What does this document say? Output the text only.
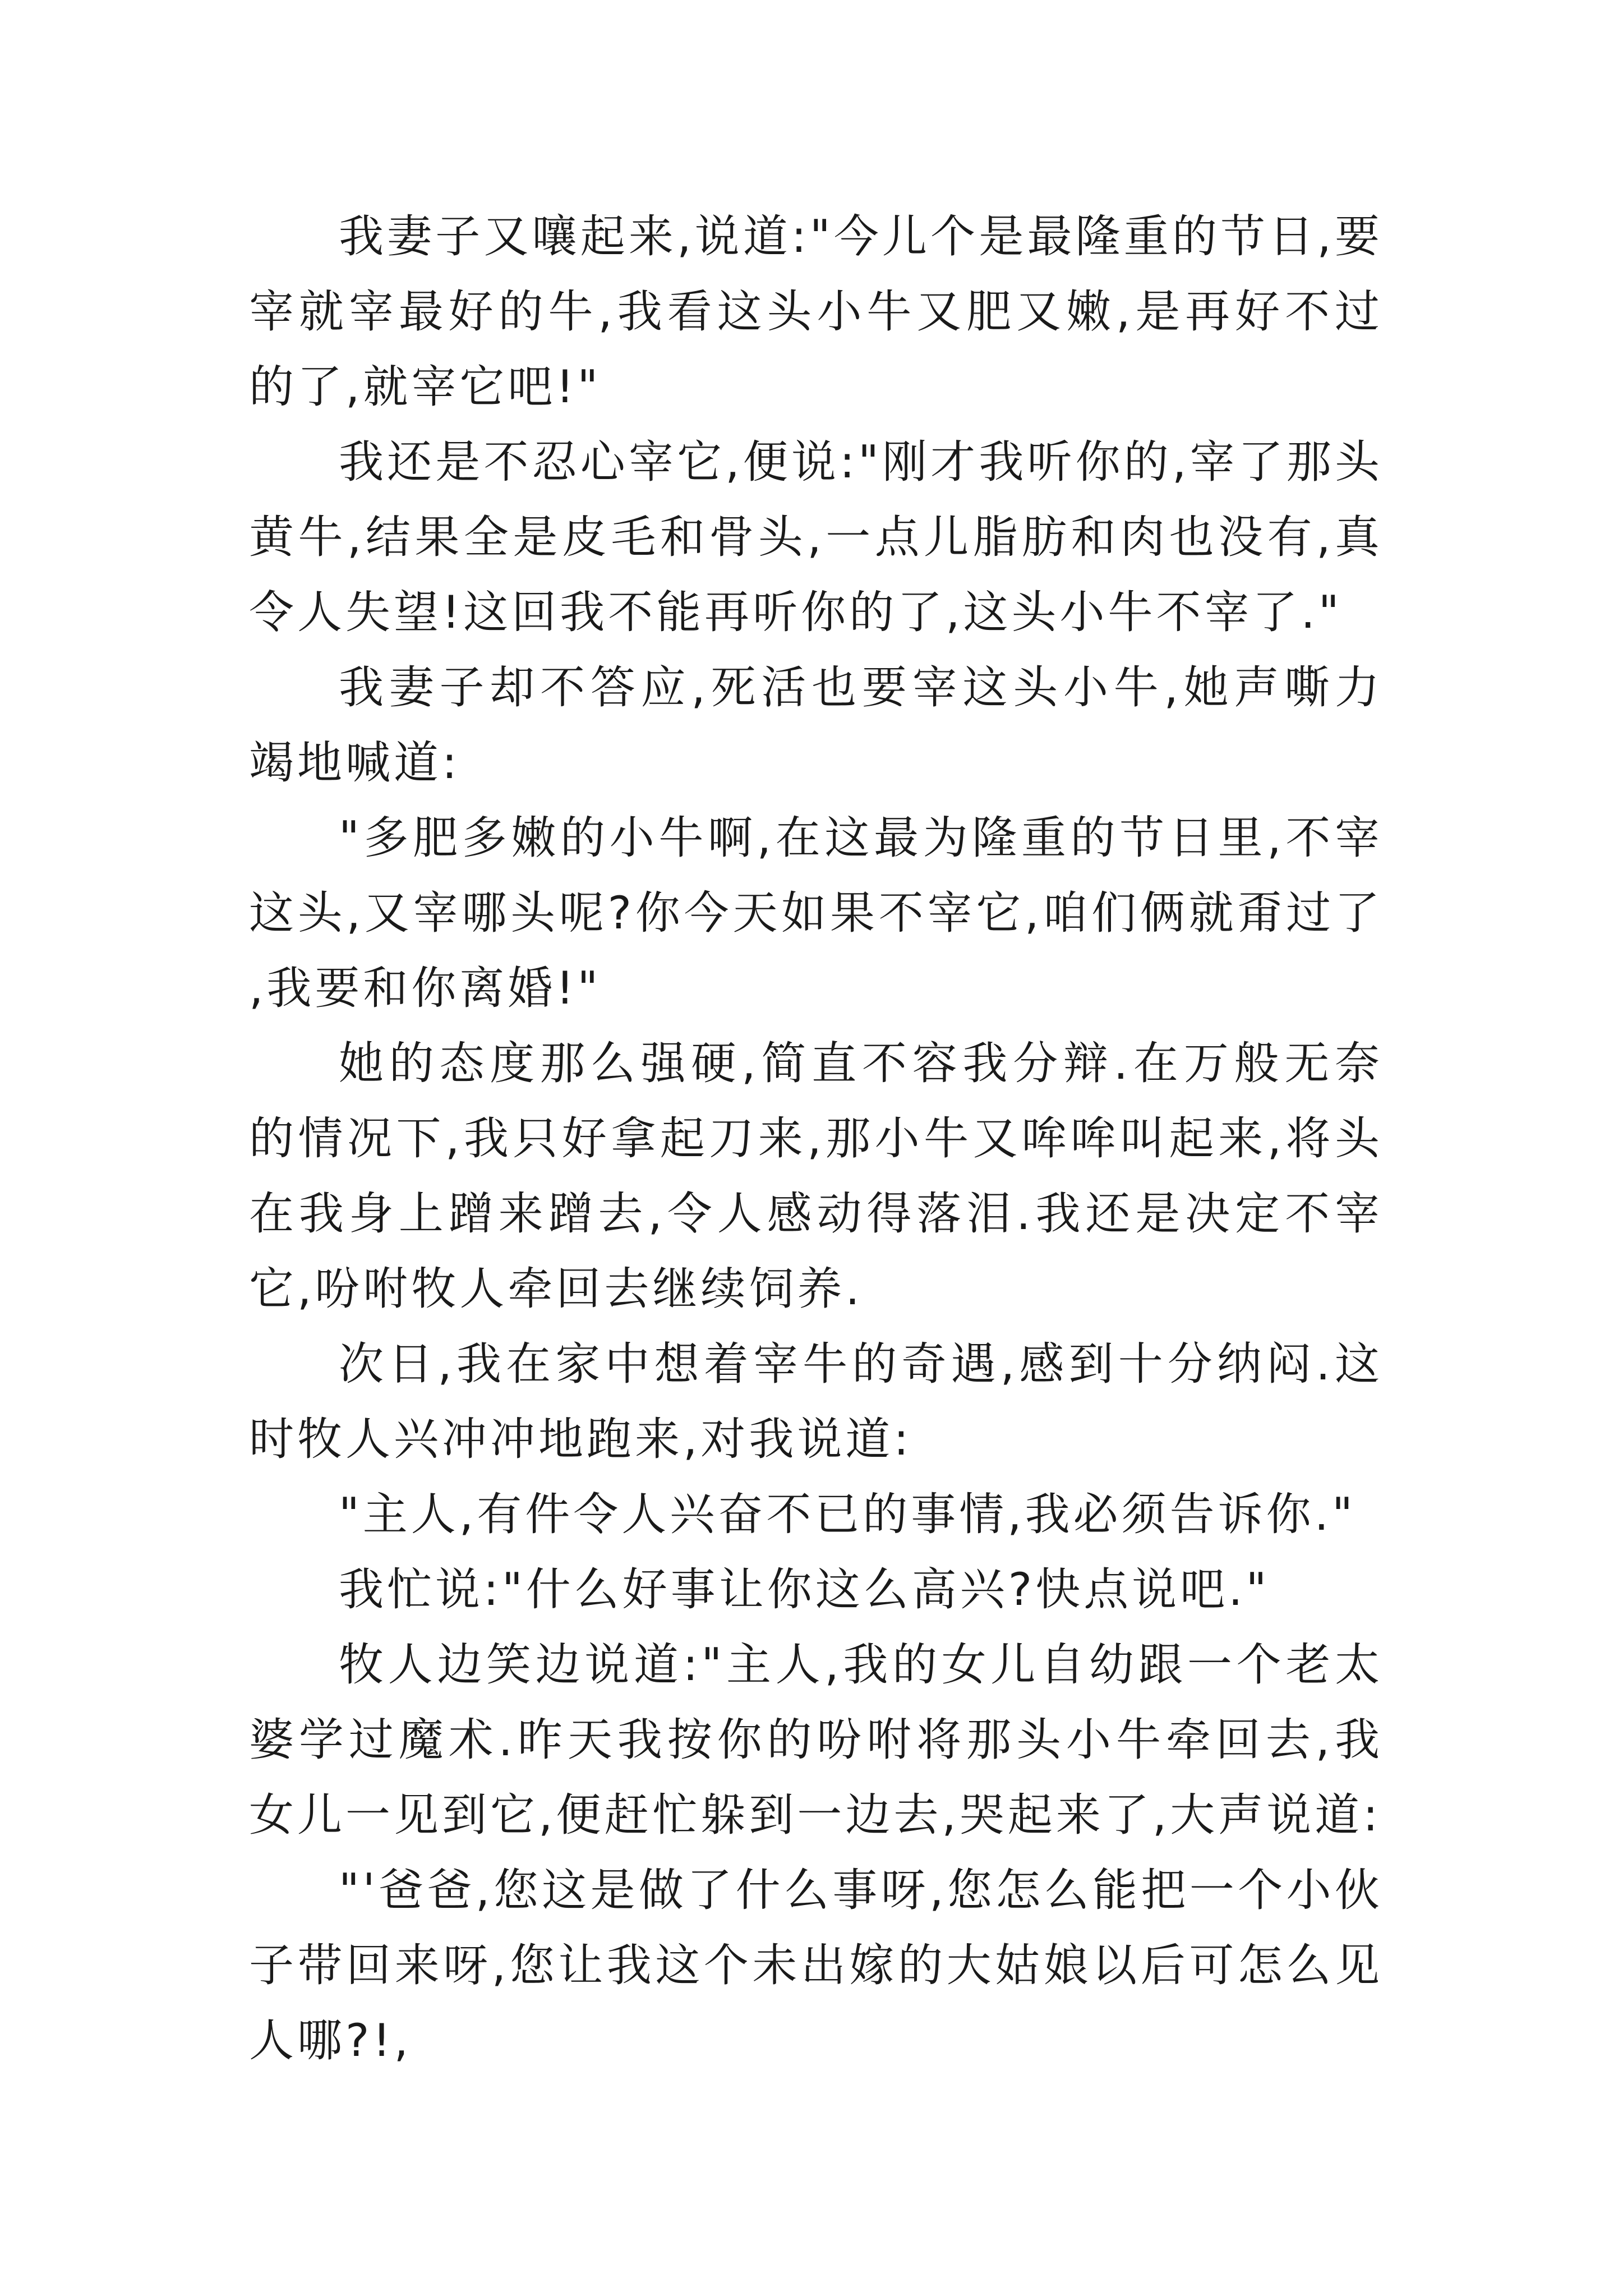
我妻子又嚷起来,说道:"今儿个是最隆重的节日,要宰就宰最好的牛,我看这头小牛又肥又嫩,是再好不过的了,就宰它吧!"

我还是不忍心宰它,便说:"刚才我听你的,宰了那头黄牛,结果全是皮毛和骨头,一点儿脂肪和肉也没有,真令人失望!这回我不能再听你的了,这头小牛不宰了."

我妻子却不答应,死活也要宰这头小牛,她声嘶力竭地喊道:

"多肥多嫩的小牛啊,在这最为隆重的节日里,不宰这头,又宰哪头呢?你今天如果不宰它,咱们俩就甭过了,我要和你离婚!"

她的态度那么强硬,简直不容我分辩.在万般无奈的情况下,我只好拿起刀来,那小牛又哞哞叫起来,将头在我身上蹭来蹭去,令人感动得落泪.我还是决定不宰它,吩咐牧人牵回去继续饲养.

次日,我在家中想着宰牛的奇遇,感到十分纳闷.这时牧人兴冲冲地跑来,对我说道:

"主人,有件令人兴奋不已的事情,我必须告诉你."

我忙说:"什么好事让你这么高兴?快点说吧."

牧人边笑边说道:"主人,我的女儿自幼跟一个老太婆学过魔术.昨天我按你的吩咐将那头小牛牵回去,我女儿一见到它,便赶忙躲到一边去,哭起来了,大声说道:

"'爸爸,您这是做了什么事呀,您怎么能把一个小伙子带回来呀,您让我这个未出嫁的大姑娘以后可怎么见人哪?!,
